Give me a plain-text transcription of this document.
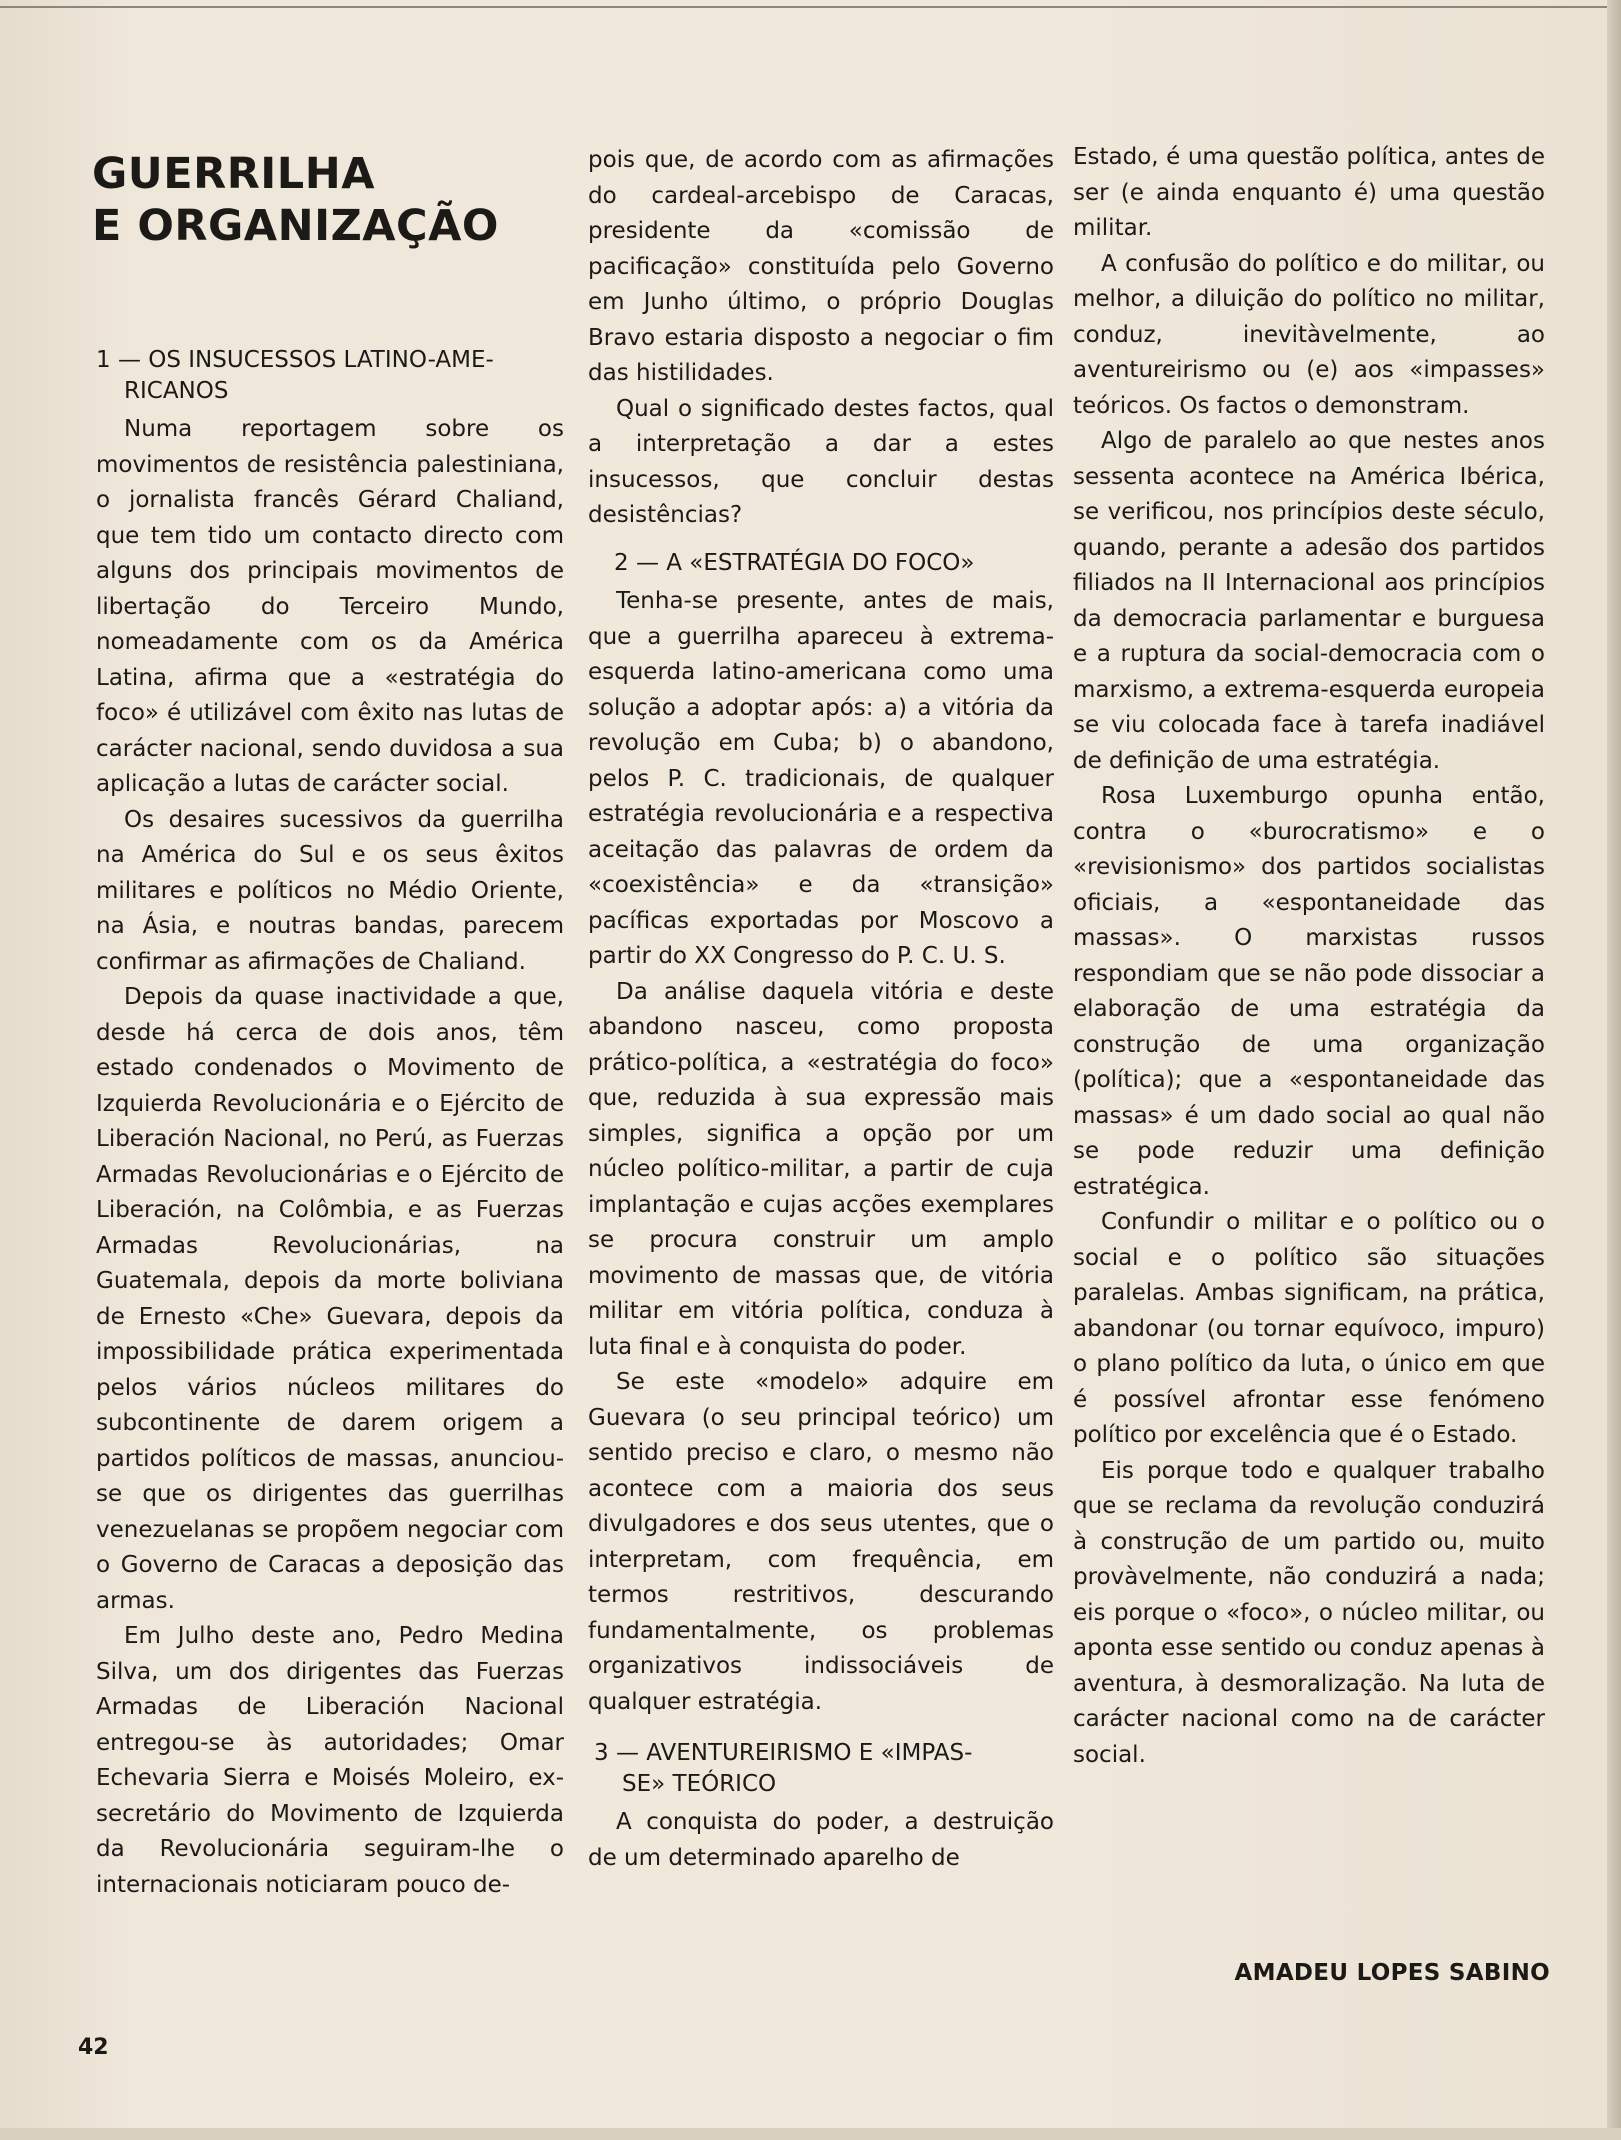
GUERRILHA
E ORGANIZAÇÃO
1 — OS INSUCESSOS LATINO-AME-
RICANOS

Numa reportagem sobre os movimentos de resistência palestiniana, o jornalista francês Gérard Chaliand, que tem tido um contacto directo com alguns dos principais movimentos de libertação do Terceiro Mundo, nomeadamente com os da América Latina, afirma que a «estratégia do foco» é utilizável com êxito nas lutas de carácter nacional, sendo duvidosa a sua aplicação a lutas de carácter social.

Os desaires sucessivos da guerrilha na América do Sul e os seus êxitos militares e políticos no Médio Oriente, na Ásia, e noutras bandas, parecem confirmar as afirmações de Chaliand.

Depois da quase inactividade a que, desde há cerca de dois anos, têm estado condenados o Movimento de Izquierda Revolucionária e o Ejército de Liberación Nacional, no Perú, as Fuerzas Armadas Revolucionárias e o Ejército de Liberación, na Colômbia, e as Fuerzas Armadas Revolucionárias, na Guatemala, depois da morte boliviana de Ernesto «Che» Guevara, depois da impossibilidade prática experimentada pelos vários núcleos militares do subcontinente de darem origem a partidos políticos de massas, anunciou-se que os dirigentes das guerrilhas venezuelanas se propõem negociar com o Governo de Caracas a deposição das armas.

Em Julho deste ano, Pedro Medina Silva, um dos dirigentes das Fuerzas Armadas de Liberación Nacional entregou-se às autoridades; Omar Echevaria Sierra e Moisés Moleiro, ex-secretário do Movimento de Izquierda da Revolucionária seguiram-lhe o internacionais noticiaram pouco de-

pois que, de acordo com as afirmações do cardeal-arcebispo de Caracas, presidente da «comissão de pacificação» constituída pelo Governo em Junho último, o próprio Douglas Bravo estaria disposto a negociar o fim das histilidades.

Qual o significado destes factos, qual a interpretação a dar a estes insucessos, que concluir destas desistências?

2 — A «ESTRATÉGIA DO FOCO»

Tenha-se presente, antes de mais, que a guerrilha apareceu à extrema-esquerda latino-americana como uma solução a adoptar após: a) a vitória da revolução em Cuba; b) o abandono, pelos P. C. tradicionais, de qualquer estratégia revolucionária e a respectiva aceitação das palavras de ordem da «coexistência» e da «transição» pacíficas exportadas por Moscovo a partir do XX Congresso do P. C. U. S.

Da análise daquela vitória e deste abandono nasceu, como proposta prático-política, a «estratégia do foco» que, reduzida à sua expressão mais simples, significa a opção por um núcleo político-militar, a partir de cuja implantação e cujas acções exemplares se procura construir um amplo movimento de massas que, de vitória militar em vitória política, conduza à luta final e à conquista do poder.

Se este «modelo» adquire em Guevara (o seu principal teórico) um sentido preciso e claro, o mesmo não acontece com a maioria dos seus divulgadores e dos seus utentes, que o interpretam, com frequência, em termos restritivos, descurando fundamentalmente, os problemas organizativos indissociáveis de qualquer estratégia.

3 — AVENTUREIRISMO E «IMPAS-
SE» TEÓRICO

A conquista do poder, a destruição de um determinado aparelho de

Estado, é uma questão política, antes de ser (e ainda enquanto é) uma questão militar.

A confusão do político e do militar, ou melhor, a diluição do político no militar, conduz, inevitàvelmente, ao aventureirismo ou (e) aos «impasses» teóricos. Os factos o demonstram.

Algo de paralelo ao que nestes anos sessenta acontece na América Ibérica, se verificou, nos princípios deste século, quando, perante a adesão dos partidos filiados na II Internacional aos princípios da democracia parlamentar e burguesa e a ruptura da social-democracia com o marxismo, a extrema-esquerda europeia se viu colocada face à tarefa inadiável de definição de uma estratégia.

Rosa Luxemburgo opunha então, contra o «burocratismo» e o «revisionismo» dos partidos socialistas oficiais, a «espontaneidade das massas». O marxistas russos respondiam que se não pode dissociar a elaboração de uma estratégia da construção de uma organização (política); que a «espontaneidade das massas» é um dado social ao qual não se pode reduzir uma definição estratégica.

Confundir o militar e o político ou o social e o político são situações paralelas. Ambas significam, na prática, abandonar (ou tornar equívoco, impuro) o plano político da luta, o único em que é possível afrontar esse fenómeno político por excelência que é o Estado.

Eis porque todo e qualquer trabalho que se reclama da revolução conduzirá à construção de um partido ou, muito provàvelmente, não conduzirá a nada; eis porque o «foco», o núcleo militar, ou aponta esse sentido ou conduz apenas à aventura, à desmoralização. Na luta de carácter nacional como na de carácter social.

AMADEU LOPES SABINO
42
